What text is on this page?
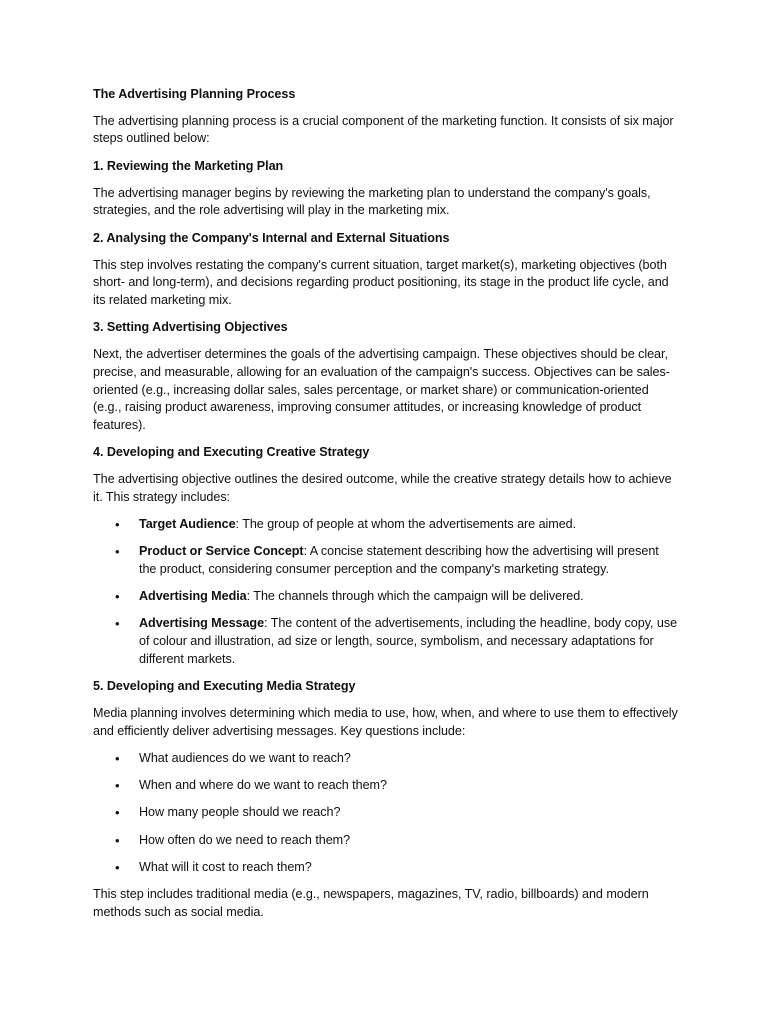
The Advertising Planning Process

The advertising planning process is a crucial component of the marketing function. It consists of six major steps outlined below:

1. Reviewing the Marketing Plan

The advertising manager begins by reviewing the marketing plan to understand the company's goals, strategies, and the role advertising will play in the marketing mix.

2. Analysing the Company's Internal and External Situations

This step involves restating the company's current situation, target market(s), marketing objectives (both short- and long-term), and decisions regarding product positioning, its stage in the product life cycle, and its related marketing mix.

3. Setting Advertising Objectives

Next, the advertiser determines the goals of the advertising campaign. These objectives should be clear, precise, and measurable, allowing for an evaluation of the campaign's success. Objectives can be sales-oriented (e.g., increasing dollar sales, sales percentage, or market share) or communication-oriented (e.g., raising product awareness, improving consumer attitudes, or increasing knowledge of product features).

4. Developing and Executing Creative Strategy

The advertising objective outlines the desired outcome, while the creative strategy details how to achieve it. This strategy includes:

• Target Audience: The group of people at whom the advertisements are aimed.
• Product or Service Concept: A concise statement describing how the advertising will present the product, considering consumer perception and the company's marketing strategy.
• Advertising Media: The channels through which the campaign will be delivered.
• Advertising Message: The content of the advertisements, including the headline, body copy, use of colour and illustration, ad size or length, source, symbolism, and necessary adaptations for different markets.
5. Developing and Executing Media Strategy

Media planning involves determining which media to use, how, when, and where to use them to effectively and efficiently deliver advertising messages. Key questions include:

• What audiences do we want to reach?
• When and where do we want to reach them?
• How many people should we reach?
• How often do we need to reach them?
• What will it cost to reach them?

This step includes traditional media (e.g., newspapers, magazines, TV, radio, billboards) and modern methods such as social media.
